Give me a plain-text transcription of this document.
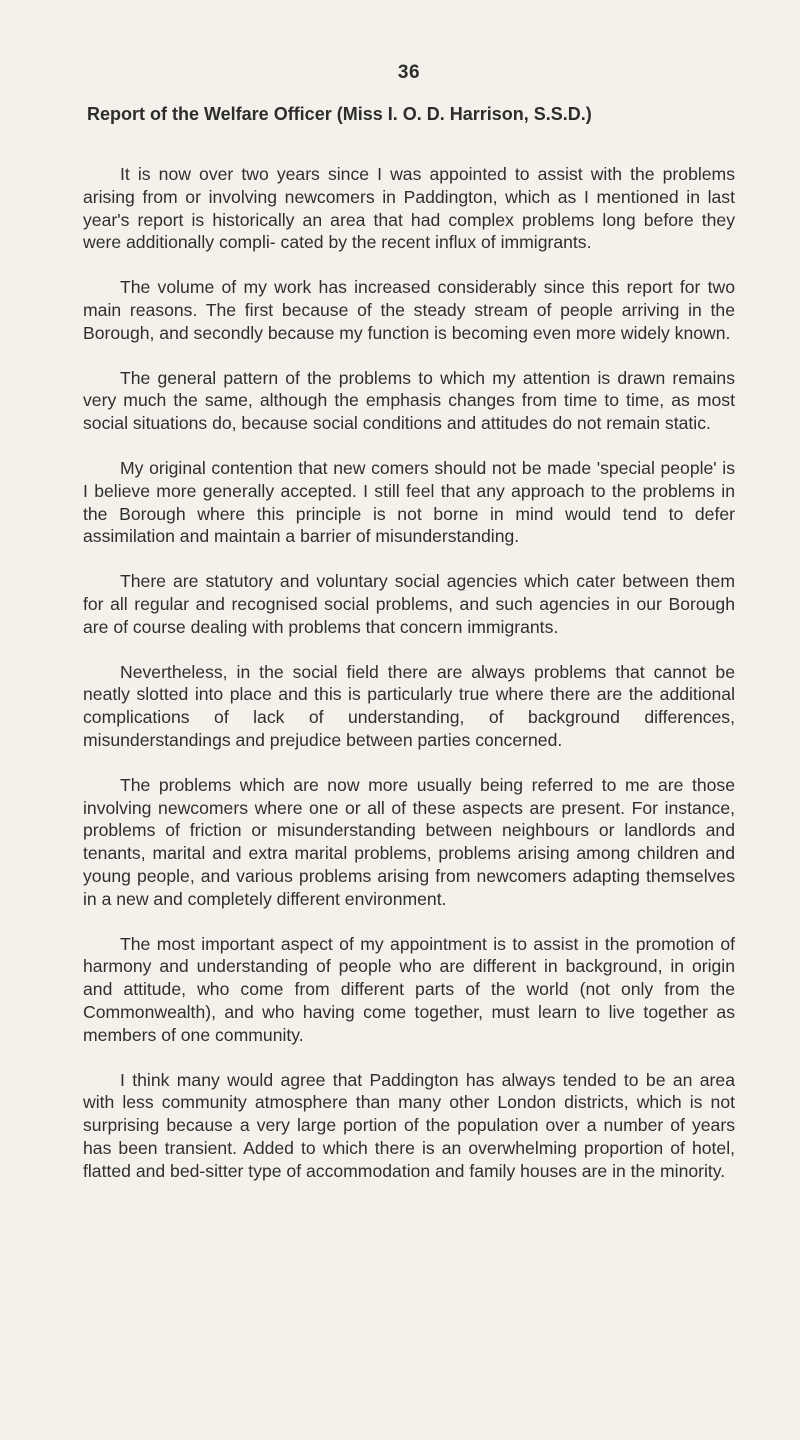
36
Report of the Welfare Officer (Miss I. O. D. Harrison, S.S.D.)

It is now over two years since I was appointed to assist with the problems arising from or involving newcomers in Paddington, which as I mentioned in last year's report is historically an area that had complex problems long before they were additionally compli- cated by the recent influx of immigrants.

The volume of my work has increased considerably since this report for two main reasons. The first because of the steady stream of people arriving in the Borough, and secondly because my function is becoming even more widely known.

The general pattern of the problems to which my attention is drawn remains very much the same, although the emphasis changes from time to time, as most social situations do, because social conditions and attitudes do not remain static.

My original contention that new comers should not be made 'special people' is I believe more generally accepted. I still feel that any approach to the problems in the Borough where this principle is not borne in mind would tend to defer assimilation and maintain a barrier of misunderstanding.

There are statutory and voluntary social agencies which cater between them for all regular and recognised social problems, and such agencies in our Borough are of course dealing with problems that concern immigrants.

Nevertheless, in the social field there are always problems that cannot be neatly slotted into place and this is particularly true where there are the additional complications of lack of understanding, of background differences, misunderstandings and prejudice between parties concerned.

The problems which are now more usually being referred to me are those involving newcomers where one or all of these aspects are present. For instance, problems of friction or misunderstanding between neighbours or landlords and tenants, marital and extra marital problems, problems arising among children and young people, and various problems arising from newcomers adapting themselves in a new and completely different environment.

The most important aspect of my appointment is to assist in the promotion of harmony and understanding of people who are different in background, in origin and attitude, who come from different parts of the world (not only from the Commonwealth), and who having come together, must learn to live together as members of one community.

I think many would agree that Paddington has always tended to be an area with less community atmosphere than many other London districts, which is not surprising because a very large portion of the population over a number of years has been transient. Added to which there is an overwhelming proportion of hotel, flatted and bed-sitter type of accommodation and family houses are in the minority.
